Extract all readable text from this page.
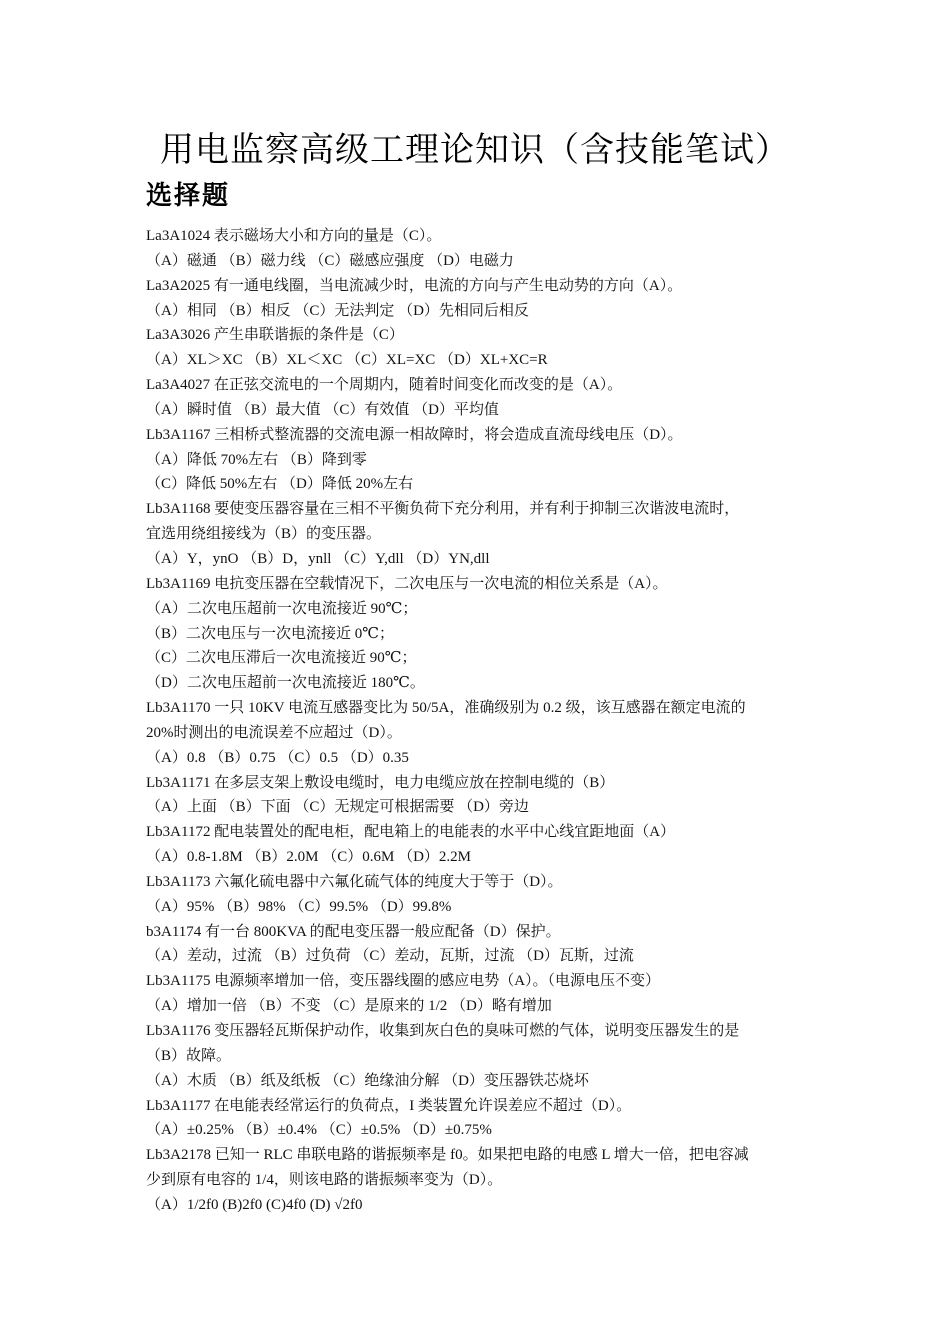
用电监察高级工理论知识（含技能笔试）
选择题
La3A1024 表示磁场大小和方向的量是（C）。
（A）磁通 （B）磁力线 （C）磁感应强度 （D）电磁力
La3A2025 有一通电线圈，当电流减少时，电流的方向与产生电动势的方向（A）。
（A）相同 （B）相反 （C）无法判定 （D）先相同后相反
La3A3026 产生串联谐振的条件是（C）
（A）XL＞XC （B）XL＜XC （C）XL=XC （D）XL+XC=R
La3A4027 在正弦交流电的一个周期内，随着时间变化而改变的是（A）。
（A）瞬时值 （B）最大值 （C）有效值 （D）平均值
Lb3A1167 三相桥式整流器的交流电源一相故障时，将会造成直流母线电压（D）。
（A）降低 70%左右 （B）降到零
（C）降低 50%左右 （D）降低 20%左右
Lb3A1168 要使变压器容量在三相不平衡负荷下充分利用，并有利于抑制三次谐波电流时，
宜选用绕组接线为（B）的变压器。
（A）Y，ynO （B）D，ynll （C）Y,dll （D）YN,dll
Lb3A1169 电抗变压器在空载情况下，二次电压与一次电流的相位关系是（A）。
（A）二次电压超前一次电流接近 90℃；
（B）二次电压与一次电流接近 0℃；
（C）二次电压滞后一次电流接近 90℃；
（D）二次电压超前一次电流接近 180℃。
Lb3A1170 一只 10KV 电流互感器变比为 50/5A，准确级别为 0.2 级，该互感器在额定电流的
20%时测出的电流误差不应超过（D）。
（A）0.8 （B）0.75 （C）0.5 （D）0.35
Lb3A1171 在多层支架上敷设电缆时，电力电缆应放在控制电缆的（B）
（A）上面 （B）下面 （C）无规定可根据需要 （D）旁边
Lb3A1172 配电装置处的配电柜，配电箱上的电能表的水平中心线宜距地面（A）
（A）0.8-1.8M （B）2.0M （C）0.6M （D）2.2M
Lb3A1173 六氟化硫电器中六氟化硫气体的纯度大于等于（D）。
（A）95% （B）98% （C）99.5% （D）99.8%
b3A1174 有一台 800KVA 的配电变压器一般应配备（D）保护。
（A）差动，过流 （B）过负荷 （C）差动，瓦斯，过流 （D）瓦斯，过流
Lb3A1175 电源频率增加一倍，变压器线圈的感应电势（A）。（电源电压不变）
（A）增加一倍 （B）不变 （C）是原来的 1/2 （D）略有增加
Lb3A1176 变压器轻瓦斯保护动作，收集到灰白色的臭味可燃的气体，说明变压器发生的是
（B）故障。
（A）木质 （B）纸及纸板 （C）绝缘油分解 （D）变压器铁芯烧坏
Lb3A1177 在电能表经常运行的负荷点，I 类装置允许误差应不超过（D）。
（A）±0.25% （B）±0.4% （C）±0.5% （D）±0.75%
Lb3A2178 已知一 RLC 串联电路的谐振频率是 f0。如果把电路的电感 L 增大一倍，把电容减
少到原有电容的 1/4，则该电路的谐振频率变为（D）。
（A）1/2f0 (B)2f0 (C)4f0 (D) √2f0
